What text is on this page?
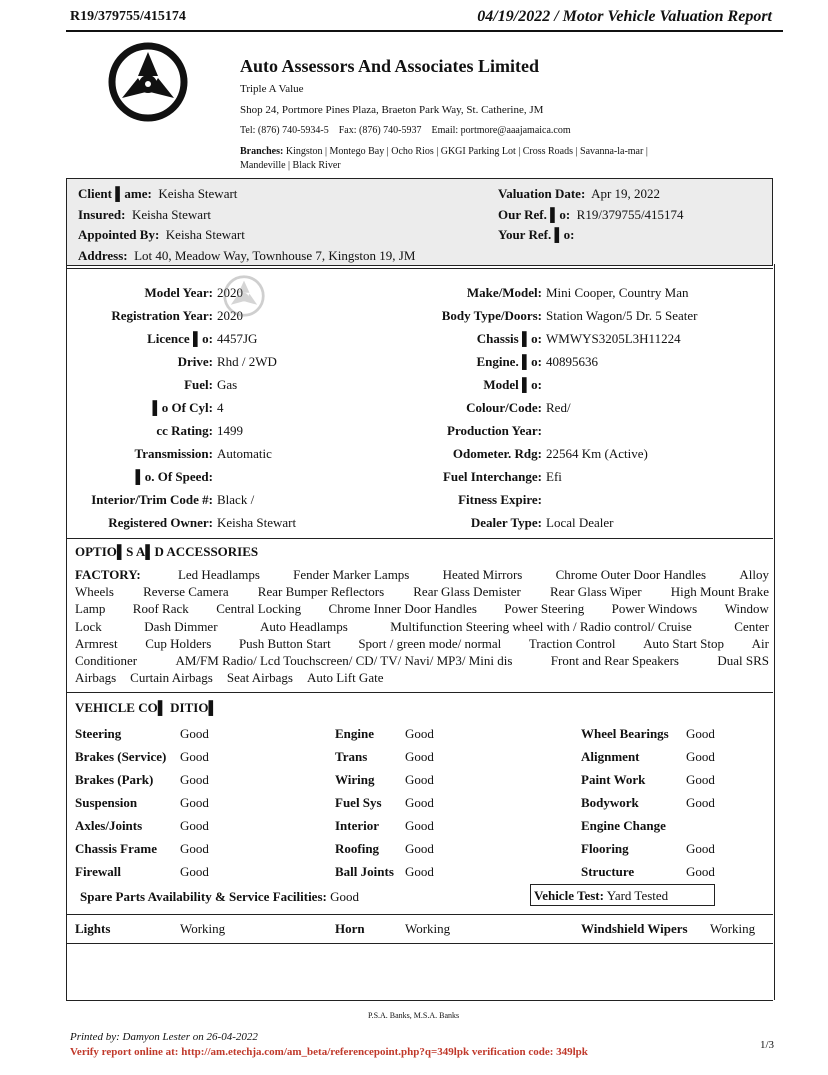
R19/379755/415174	04/19/2022 / Motor Vehicle Valuation Report
Auto Assessors And Associates Limited
Triple A Value
Shop 24, Portmore Pines Plaza, Braeton Park Way, St. Catherine, JM
Tel: (876) 740-5934-5    Fax: (876) 740-5937    Email: portmore@aaajamaica.com
Branches: Kingston | Montego Bay | Ocho Rios | GKGI Parking Lot | Cross Roads | Savanna-la-mar |
Mandeville | Black River
Client ▌ame: Keisha Stewart
Insured: Keisha Stewart
Appointed By: Keisha Stewart
Address: Lot 40, Meadow Way, Townhouse 7, Kingston 19, JM
Valuation Date: Apr 19, 2022
Our Ref. ▌o: R19/379755/415174
Your Ref. ▌o:
Model Year: 2020
Registration Year: 2020
Licence ▌o: 4457JG
Drive: Rhd / 2WD
Fuel: Gas
▌o Of Cyl: 4
cc Rating: 1499
Transmission: Automatic
▌o. Of Speed:
Interior/Trim Code #: Black /
Registered Owner: Keisha Stewart
Make/Model: Mini Cooper, Country Man
Body Type/Doors: Station Wagon/5 Dr. 5 Seater
Chassis ▌o: WMWYS3205L3H11224
Engine. ▌o: 40895636
Model ▌o:
Colour/Code: Red/
Production Year:
Odometer. Rdg: 22564 Km (Active)
Fuel Interchange: Efi
Fitness Expire:
Dealer Type: Local Dealer
OPTIO▌S A▌D ACCESSORIES
FACTORY:	Led Headlamps	Fender Marker Lamps	Heated Mirrors	Chrome Outer Door Handles	Alloy
Wheels Reverse Camera Rear Bumper Reflectors Rear Glass Demister Rear Glass Wiper High Mount Brake
Lamp Roof Rack Central Locking Chrome Inner Door Handles Power Steering Power Windows Window
Lock	Dash Dimmer	Auto Headlamps	Multifunction Steering wheel with / Radio control/ Cruise	Center
Armrest Cup Holders Push Button Start Sport / green mode/ normal Traction Control Auto Start Stop Air
Conditioner	AM/FM Radio/ Lcd Touchscreen/ CD/ TV/ Navi/ MP3/ Mini dis	Front and Rear Speakers	Dual SRS
Airbags Curtain Airbags Seat Airbags Auto Lift Gate
VEHICLE CO▌ DITIO▌
Steering	Good
Brakes (Service)	Good
Brakes (Park)	Good
Suspension	Good
Axles/Joints	Good
Chassis Frame	Good
Firewall	Good
Engine	Good
Trans	Good
Wiring	Good
Fuel Sys	Good
Interior	Good
Roofing	Good
Ball Joints Good
Wheel Bearings	Good
Alignment	Good
Paint Work	Good
Bodywork	Good
Engine Change
Flooring	Good
Structure	Good
Spare Parts Availability & Service Facilities: Good	Vehicle Test: Yard Tested
Lights	Working	Horn	Working	Windshield Wipers	Working
P.S.A. Banks, M.S.A. Banks
Printed by: Damyon Lester on 26-04-2022
Verify report online at: http://am.etechja.com/am_beta/referencepoint.php?q=349lpk verification code: 349lpk
1/3
